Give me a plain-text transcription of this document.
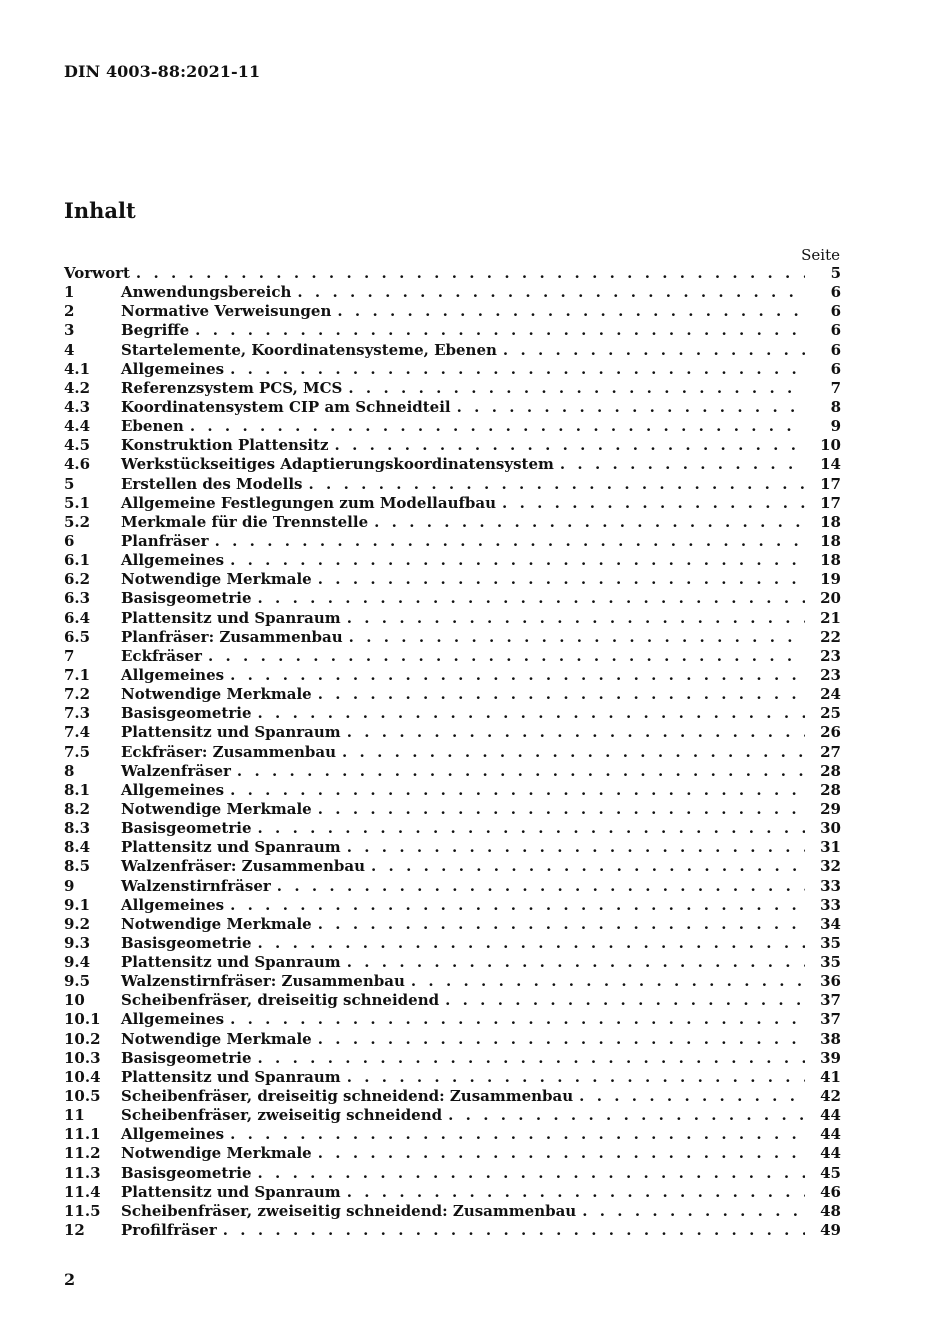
DIN 4003-88:2021-11
Inhalt
Seite
Vorwort . . .	5
1	Anwendungsbereich . . .	6
2	Normative Verweisungen . . .	6
3	Begriffe . . .	6
4	Startelemente, Koordinatensysteme, Ebenen . . .	6
4.1	Allgemeines . . .	6
4.2	Referenzsystem PCS, MCS . . .	7
4.3	Koordinatensystem CIP am Schneidteil . . .	8
4.4	Ebenen . . .	9
4.5	Konstruktion Plattensitz . . .	10
4.6	Werkstückseitiges Adaptierungskoordinatensystem . . .	14
5	Erstellen des Modells . . .	17
5.1	Allgemeine Festlegungen zum Modellaufbau . . .	17
5.2	Merkmale für die Trennstelle . . .	18
6	Planfräser . . .	18
6.1	Allgemeines . . .	18
6.2	Notwendige Merkmale . . .	19
6.3	Basisgeometrie . . .	20
6.4	Plattensitz und Spanraum . . .	21
6.5	Planfräser: Zusammenbau . . .	22
7	Eckfräser . . .	23
7.1	Allgemeines . . .	23
7.2	Notwendige Merkmale . . .	24
7.3	Basisgeometrie . . .	25
7.4	Plattensitz und Spanraum . . .	26
7.5	Eckfräser: Zusammenbau . . .	27
8	Walzenfräser . . .	28
8.1	Allgemeines . . .	28
8.2	Notwendige Merkmale . . .	29
8.3	Basisgeometrie . . .	30
8.4	Plattensitz und Spanraum . . .	31
8.5	Walzenfräser: Zusammenbau . . .	32
9	Walzenstirnfräser . . .	33
9.1	Allgemeines . . .	33
9.2	Notwendige Merkmale . . .	34
9.3	Basisgeometrie . . .	35
9.4	Plattensitz und Spanraum . . .	35
9.5	Walzenstirnfräser: Zusammenbau . . .	36
10	Scheibenfräser, dreiseitig schneidend . . .	37
10.1	Allgemeines . . .	37
10.2	Notwendige Merkmale . . .	38
10.3	Basisgeometrie . . .	39
10.4	Plattensitz und Spanraum . . .	41
10.5	Scheibenfräser, dreiseitig schneidend: Zusammenbau . . .	42
11	Scheibenfräser, zweiseitig schneidend . . .	44
11.1	Allgemeines . . .	44
11.2	Notwendige Merkmale . . .	44
11.3	Basisgeometrie . . .	45
11.4	Plattensitz und Spanraum . . .	46
11.5	Scheibenfräser, zweiseitig schneidend: Zusammenbau . . .	48
12	Profilfräser . . .	49
2
